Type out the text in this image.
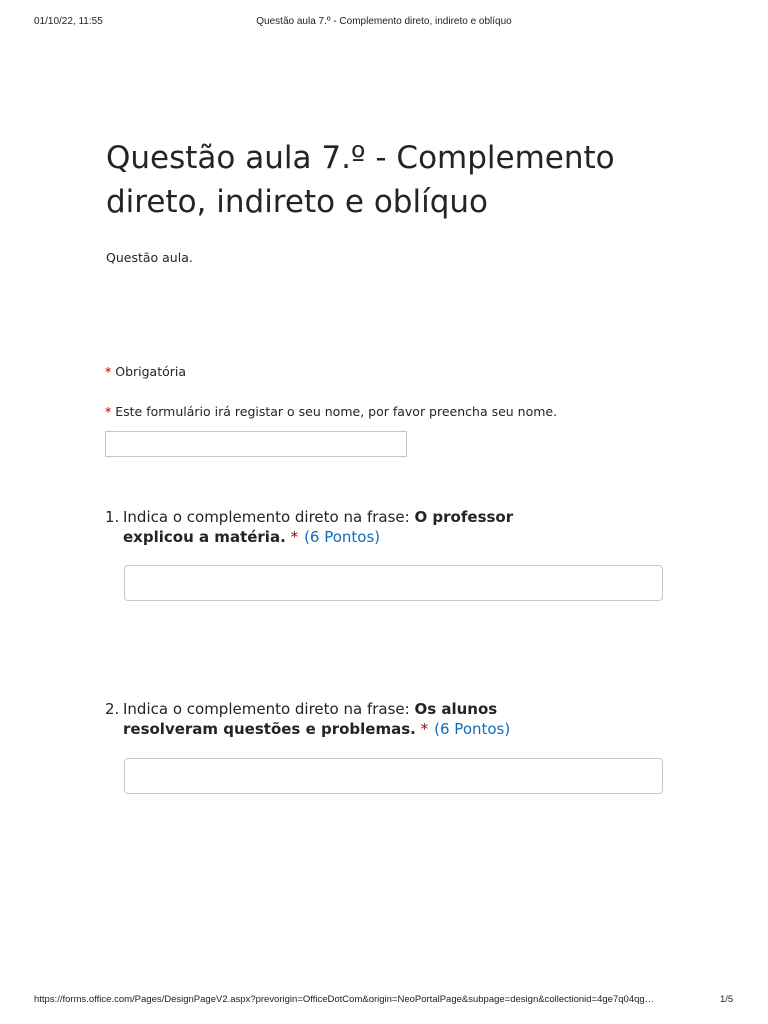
01/10/22, 11:55	Questão aula 7.º - Complemento direto, indireto e oblíquo
Questão aula 7.º - Complemento direto, indireto e oblíquo
Questão aula.
* Obrigatória
* Este formulário irá registar o seu nome, por favor preencha seu nome.
1. Indica o complemento direto na frase: O professor explicou a matéria. * (6 Pontos)
2. Indica o complemento direto na frase: Os alunos resolveram questões e problemas. * (6 Pontos)
https://forms.office.com/Pages/DesignPageV2.aspx?prevorigin=OfficeDotCom&origin=NeoPortalPage&subpage=design&collectionid=4ge7q04qg…	1/5
